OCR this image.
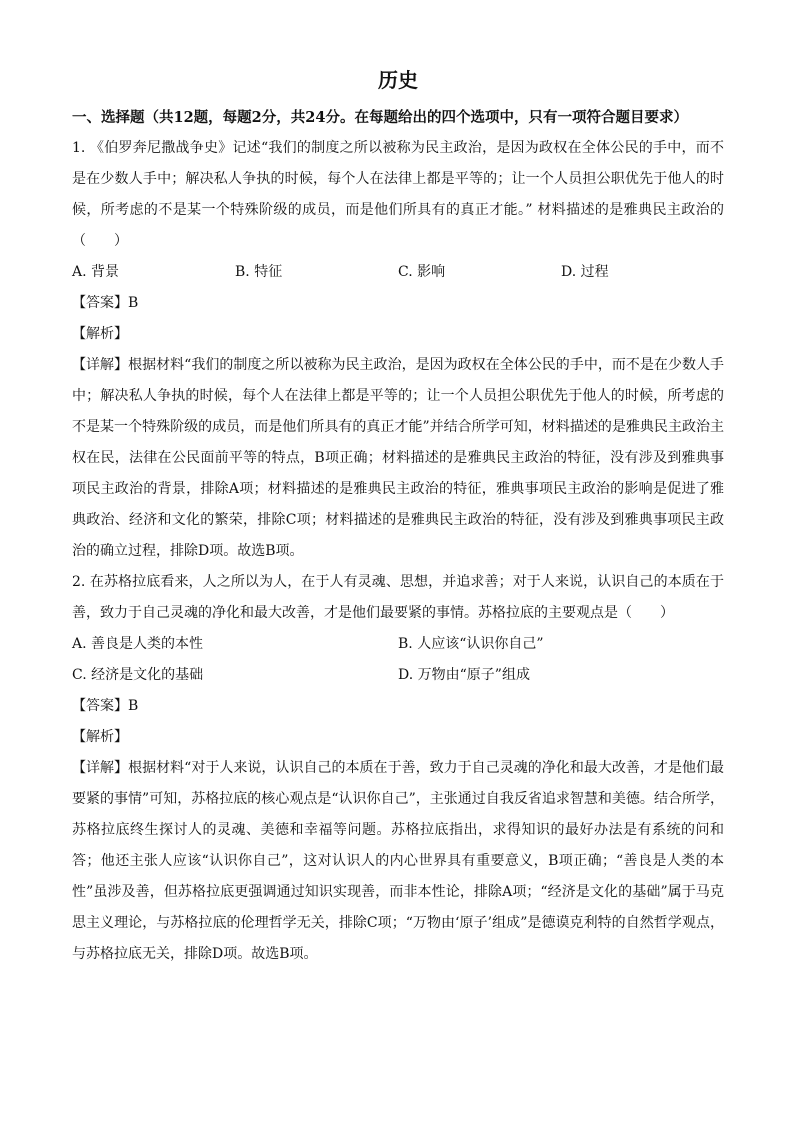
历史
一、选择题（共12题，每题2分，共24分。在每题给出的四个选项中，只有一项符合题目要求）
1. 《伯罗奔尼撒战争史》记述“我们的制度之所以被称为民主政治，是因为政权在全体公民的手中，而不是在少数人手中；解决私人争执的时候，每个人在法律上都是平等的；让一个人员担公职优先于他人的时候，所考虑的不是某一个特殊阶级的成员，而是他们所具有的真正才能。” 材料描述的是雅典民主政治的（　　）
A. 背景	B. 特征	C. 影响	D. 过程
【答案】B
【解析】
【详解】根据材料“我们的制度之所以被称为民主政治，是因为政权在全体公民的手中，而不是在少数人手中；解决私人争执的时候，每个人在法律上都是平等的；让一个人员担公职优先于他人的时候，所考虑的不是某一个特殊阶级的成员，而是他们所具有的真正才能”并结合所学可知，材料描述的是雅典民主政治主权在民，法律在公民面前平等的特点，B项正确；材料描述的是雅典民主政治的特征，没有涉及到雅典事项民主政治的背景，排除A项；材料描述的是雅典民主政治的特征，雅典事项民主政治的影响是促进了雅典政治、经济和文化的繁荣，排除C项；材料描述的是雅典民主政治的特征，没有涉及到雅典事项民主政治的确立过程，排除D项。故选B项。
2. 在苏格拉底看来，人之所以为人，在于人有灵魂、思想，并追求善；对于人来说，认识自己的本质在于善，致力于自己灵魂的净化和最大改善，才是他们最要紧的事情。苏格拉底的主要观点是（　　）
A. 善良是人类的本性	B. 人应该“认识你自己”
C. 经济是文化的基础	D. 万物由“原子”组成
【答案】B
【解析】
【详解】根据材料“对于人来说，认识自己的本质在于善，致力于自己灵魂的净化和最大改善，才是他们最要紧的事情”可知，苏格拉底的核心观点是“认识你自己”，主张通过自我反省追求智慧和美德。结合所学，苏格拉底终生探讨人的灵魂、美德和幸福等问题。苏格拉底指出，求得知识的最好办法是有系统的问和答；他还主张人应该“认识你自己”，这对认识人的内心世界具有重要意义，B项正确；“善良是人类的本性”虽涉及善，但苏格拉底更强调通过知识实现善，而非本性论，排除A项；“经济是文化的基础”属于马克思主义理论，与苏格拉底的伦理哲学无关，排除C项；“万物由‘原子’组成”是德谟克利特的自然哲学观点，与苏格拉底无关，排除D项。故选B项。
